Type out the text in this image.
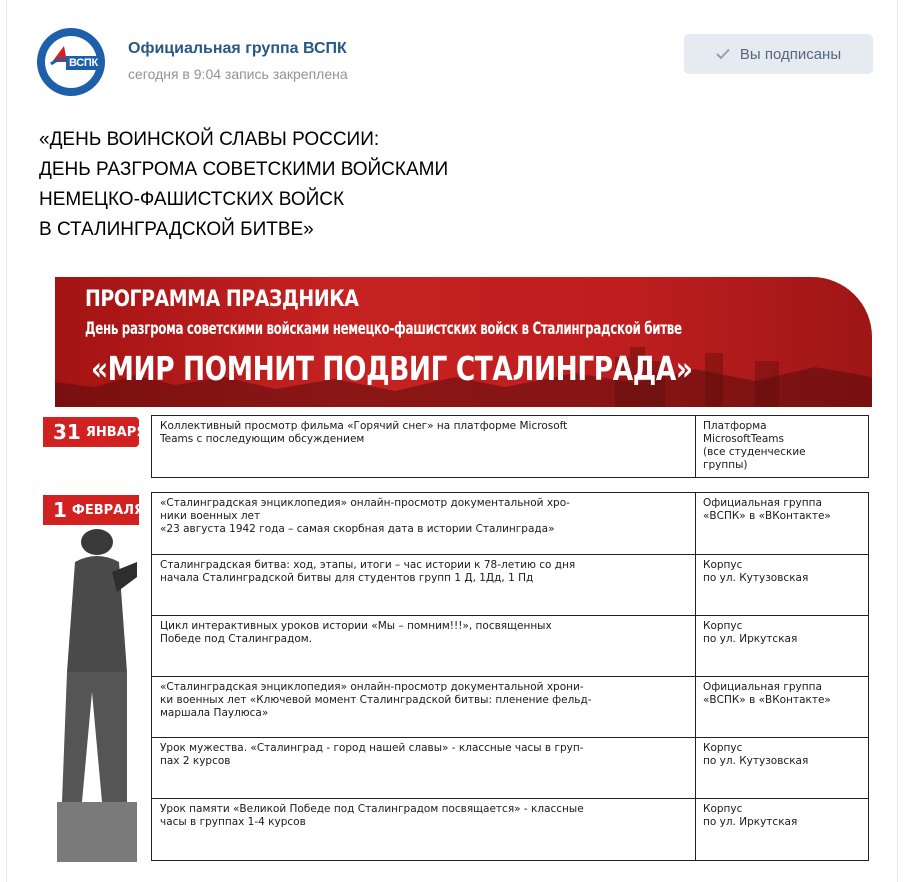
ВСПК
Официальная группа ВСПК
сегодня в 9:04 запись закреплена
Вы подписаны
«ДЕНЬ ВОИНСКОЙ СЛАВЫ РОССИИ:
ДЕНЬ РАЗГРОМА СОВЕТСКИМИ ВОЙСКАМИ
НЕМЕЦКО-ФАШИСТСКИХ ВОЙСК
В СТАЛИНГРАДСКОЙ БИТВЕ»
ПРОГРАММА ПРАЗДНИКА
День разгрома советскими войсками немецко-фашистских войск в Сталинградской битве
«МИР ПОМНИТ ПОДВИГ СТАЛИНГРАДА»
31 ЯНВАРЯ
1 ФЕВРАЛЯ
Коллективный просмотр фильма «Горячий снег» на платформе Microsoft
Teams с последующим обсуждением
Платформа
MicrosoftTeams
(все студенческие
группы)
«Сталинградская энциклопедия» онлайн-просмотр документальной хро-
ники военных лет
«23 августа 1942 года – самая скорбная дата в истории Сталинграда»
Официальная группа
«ВСПК» в «ВКонтакте»
Сталинградская битва: ход, этапы, итоги – час истории к 78-летию со дня
начала Сталинградской битвы для студентов групп 1 Д, 1Дд, 1 Пд
Корпус
по ул. Кутузовская
Цикл интерактивных уроков истории «Мы – помним!!!», посвященных
Победе под Сталинградом.
Корпус
по ул. Иркутская
«Сталинградская энциклопедия» онлайн-просмотр документальной хрони-
ки военных лет «Ключевой момент Сталинградской битвы: пленение фельд-
маршала Паулюса»
Официальная группа
«ВСПК» в «ВКонтакте»
Урок мужества. «Сталинград - город нашей славы» - классные часы в груп-
пах 2 курсов
Корпус
по ул. Кутузовская
Урок памяти «Великой Победе под Сталинградом посвящается» - классные
часы в группах 1-4 курсов
Корпус
по ул. Иркутская
